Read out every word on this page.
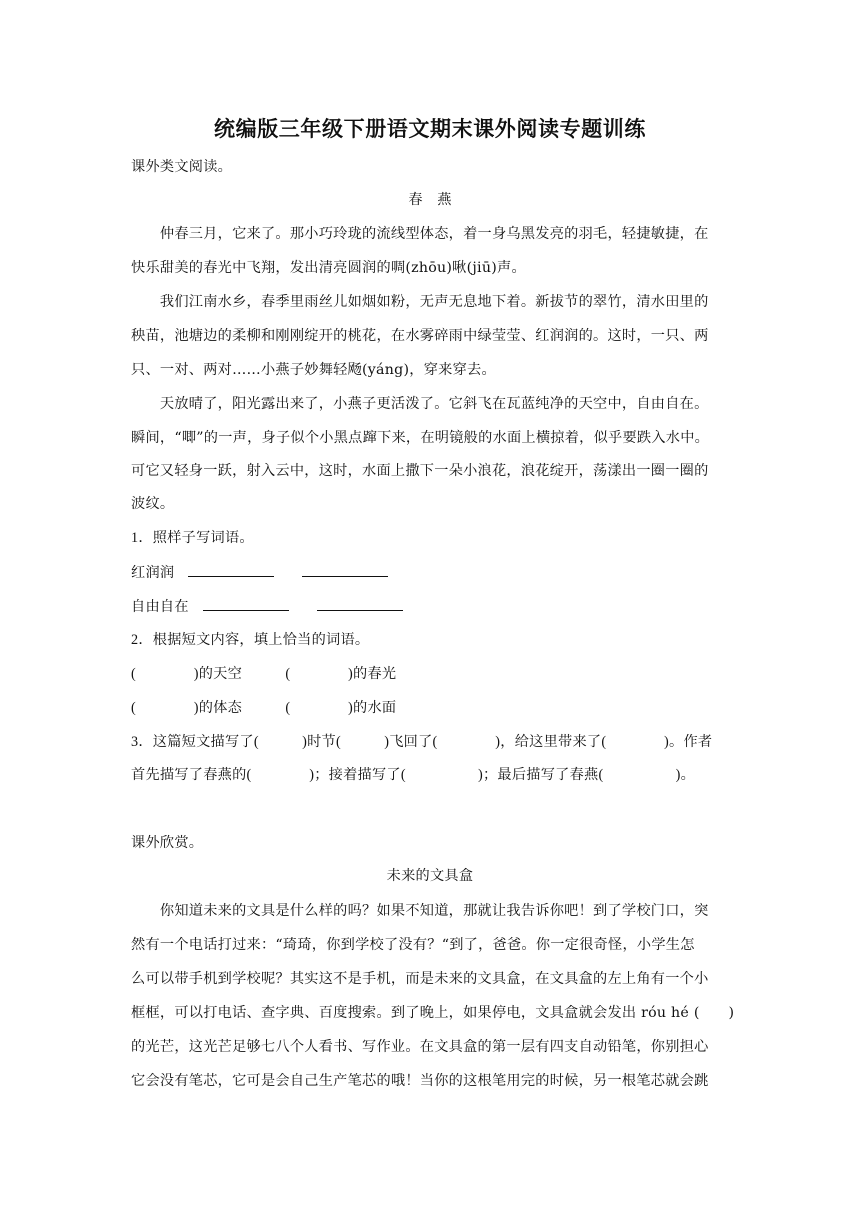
统编版三年级下册语文期末课外阅读专题训练
课外类文阅读。
春　燕
　　仲春三月，它来了。那小巧玲珑的流线型体态，着一身乌黑发亮的羽毛，轻捷敏捷，在
快乐甜美的春光中飞翔，发出清亮圆润的啁(zhōu)啾(jiū)声。
　　我们江南水乡，春季里雨丝儿如烟如粉，无声无息地下着。新拔节的翠竹，清水田里的
秧苗，池塘边的柔柳和刚刚绽开的桃花，在水雾碎雨中绿莹莹、红润润的。这时，一只、两
只、一对、两对……小燕子妙舞轻飏(yáng)，穿来穿去。
　　天放晴了，阳光露出来了，小燕子更活泼了。它斜飞在瓦蓝纯净的天空中，自由自在。
瞬间，“唧”的一声，身子似个小黑点蹿下来，在明镜般的水面上横掠着，似乎要跌入水中。
可它又轻身一跃，射入云中，这时，水面上撒下一朵小浪花，浪花绽开，荡漾出一圈一圈的
波纹。
1．照样子写词语。
红润润
自由自在
2．根据短文内容，填上恰当的词语。
(　　　　)的天空　　　(　　　　)的春光
(　　　　)的体态　　　(　　　　)的水面
3．这篇短文描写了(　　　)时节(　　　)飞回了(　　　　)，给这里带来了(　　　　)。作者
首先描写了春燕的(　　　　)；接着描写了(　　　　　)；最后描写了春燕(　　　　　)。
课外欣赏。
未来的文具盒
　　你知道未来的文具是什么样的吗？如果不知道，那就让我告诉你吧！到了学校门口，突
然有一个电话打过来：“琦琦，你到学校了没有？“到了，爸爸。你一定很奇怪，小学生怎
么可以带手机到学校呢？其实这不是手机，而是未来的文具盒，在文具盒的左上角有一个小
框框，可以打电话、查字典、百度搜索。到了晚上，如果停电，文具盒就会发出 róu hé (　　)
的光芒，这光芒足够七八个人看书、写作业。在文具盒的第一层有四支自动铅笔，你别担心
它会没有笔芯，它可是会自己生产笔芯的哦！当你的这根笔用完的时候，另一根笔芯就会跳
